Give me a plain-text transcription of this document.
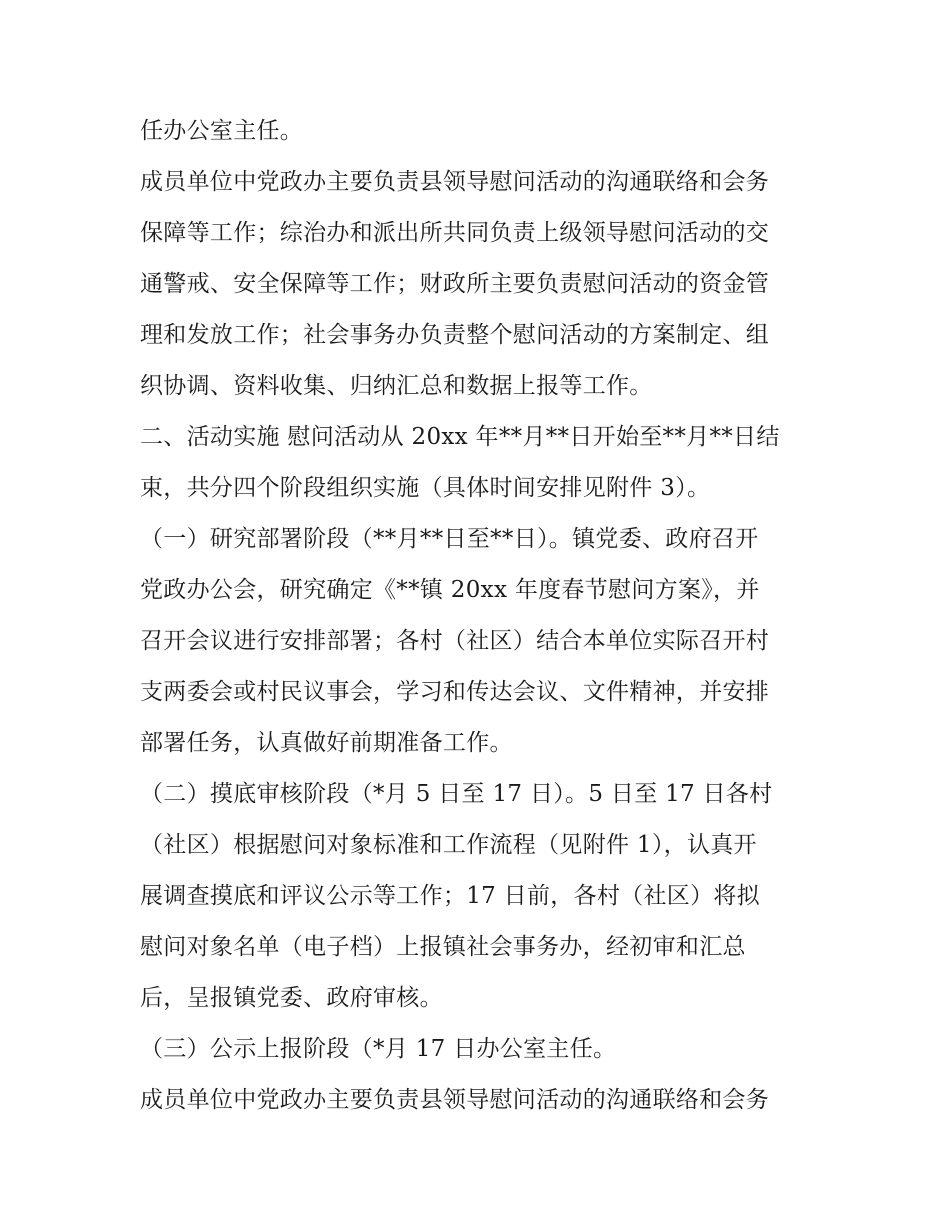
任办公室主任。
成员单位中党政办主要负责县领导慰问活动的沟通联络和会务
保障等工作；综治办和派出所共同负责上级领导慰问活动的交
通警戒、安全保障等工作；财政所主要负责慰问活动的资金管
理和发放工作；社会事务办负责整个慰问活动的方案制定、组
织协调、资料收集、归纳汇总和数据上报等工作。
二、活动实施 慰问活动从 20xx 年**月**日开始至**月**日结
束，共分四个阶段组织实施（具体时间安排见附件 3）。
（一）研究部署阶段（**月**日至**日）。镇党委、政府召开
党政办公会，研究确定《**镇 20xx 年度春节慰问方案》，并
召开会议进行安排部署；各村（社区）结合本单位实际召开村
支两委会或村民议事会，学习和传达会议、文件精神，并安排
部署任务，认真做好前期准备工作。
（二）摸底审核阶段（*月 5 日至 17 日）。5 日至 17 日各村
（社区）根据慰问对象标准和工作流程（见附件 1），认真开
展调查摸底和评议公示等工作；17 日前，各村（社区）将拟
慰问对象名单（电子档）上报镇社会事务办，经初审和汇总
后，呈报镇党委、政府审核。
（三）公示上报阶段（*月 17 日办公室主任。
成员单位中党政办主要负责县领导慰问活动的沟通联络和会务
